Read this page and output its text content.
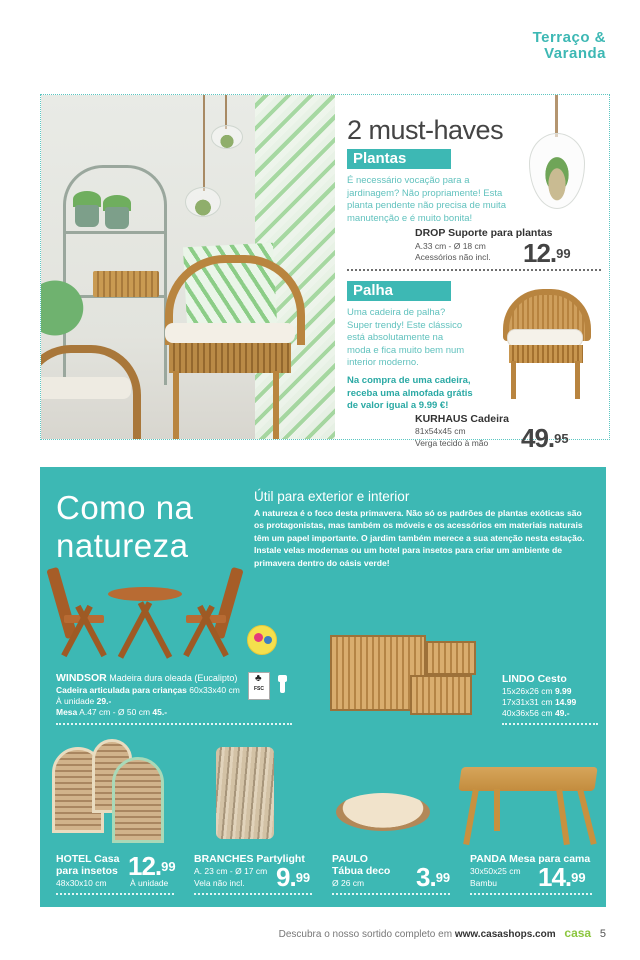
Terraço &
Varanda
2 must-haves
Plantas
É necessário vocação para a jardinagem? Não propriamente! Esta planta pendente não precisa de muita manutenção e é muito bonita!
DROP Suporte para plantas
A.33 cm - Ø 18 cm
Acessórios não incl. 12.99
Palha
Uma cadeira de palha? Super trendy! Este clássico está absolutamente na moda e fica muito bem num interior moderno.
Na compra de uma cadeira, receba uma almofada grátis de valor igual a 9.99 €!
KURHAUS Cadeira
81x54x45 cm
Verga tecido à mão 49.95
Como na
natureza
Útil para exterior e interior
A natureza é o foco desta primavera. Não só os padrões de plantas exóticas são os protagonistas, mas também os móveis e os acessórios em materiais naturais têm um papel importante. O jardim também merece a sua atenção nesta estação. Instale velas modernas ou um hotel para insetos para criar um ambiente de primavera dentro do oásis verde!
♣ FSC
WINDSOR Madeira dura oleada (Eucalipto)
Cadeira articulada para crianças 60x33x40 cm
À unidade 29.-
Mesa A.47 cm - Ø 50 cm 45.-
LINDO Cesto
15x26x26 cm 9.99
17x31x31 cm 14.99
40x36x56 cm 49.-
HOTEL Casa
para insetos
48x30x10 cm
12.99
À unidade
BRANCHES Partylight
A. 23 cm - Ø 17 cm
Vela não incl. 9.99
PAULO
Tábua deco
Ø 26 cm 3.99
PANDA Mesa para cama
30x50x25 cm
Bambu 14.99
Descubra o nosso sortido completo em www.casashops.com casa 5
